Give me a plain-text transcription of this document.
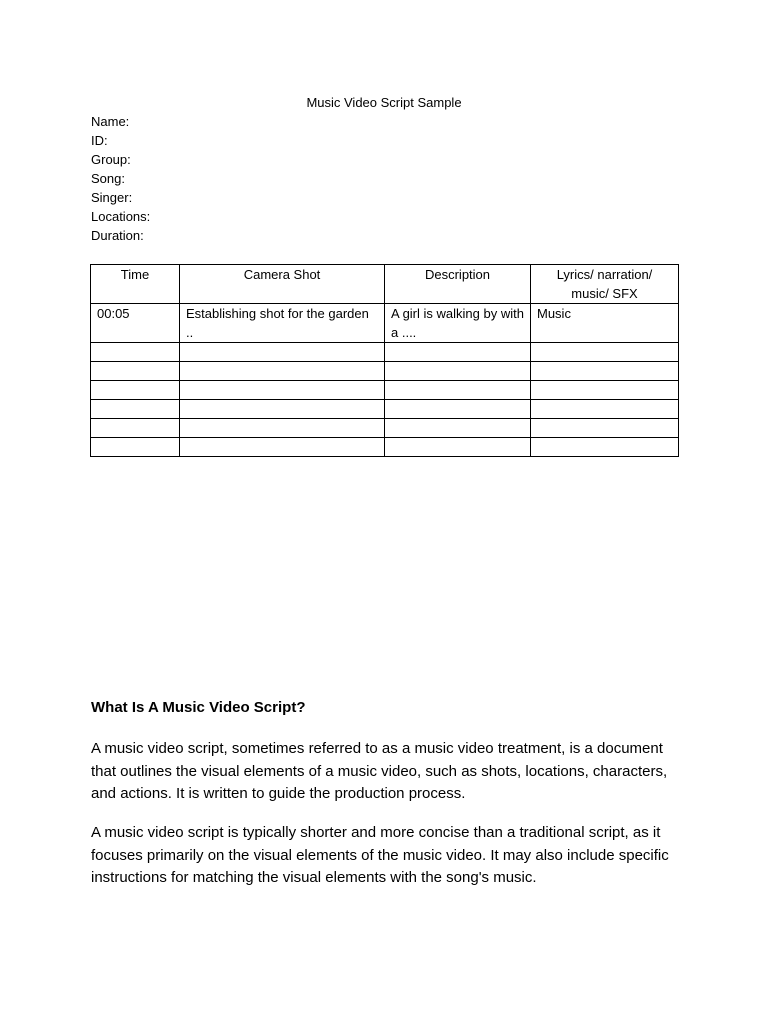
Music Video Script Sample
Name:
ID:
Group:
Song:
Singer:
Locations:
Duration:
Time	Camera Shot	Description	Lyrics/ narration/ music/ SFX
00:05	Establishing shot for the garden ..	A girl is walking by with a ....	Music

What Is A Music Video Script?

A music video script, sometimes referred to as a music video treatment, is a document that outlines the visual elements of a music video, such as shots, locations, characters, and actions. It is written to guide the production process.

A music video script is typically shorter and more concise than a traditional script, as it focuses primarily on the visual elements of the music video. It may also include specific instructions for matching the visual elements with the song's music.
